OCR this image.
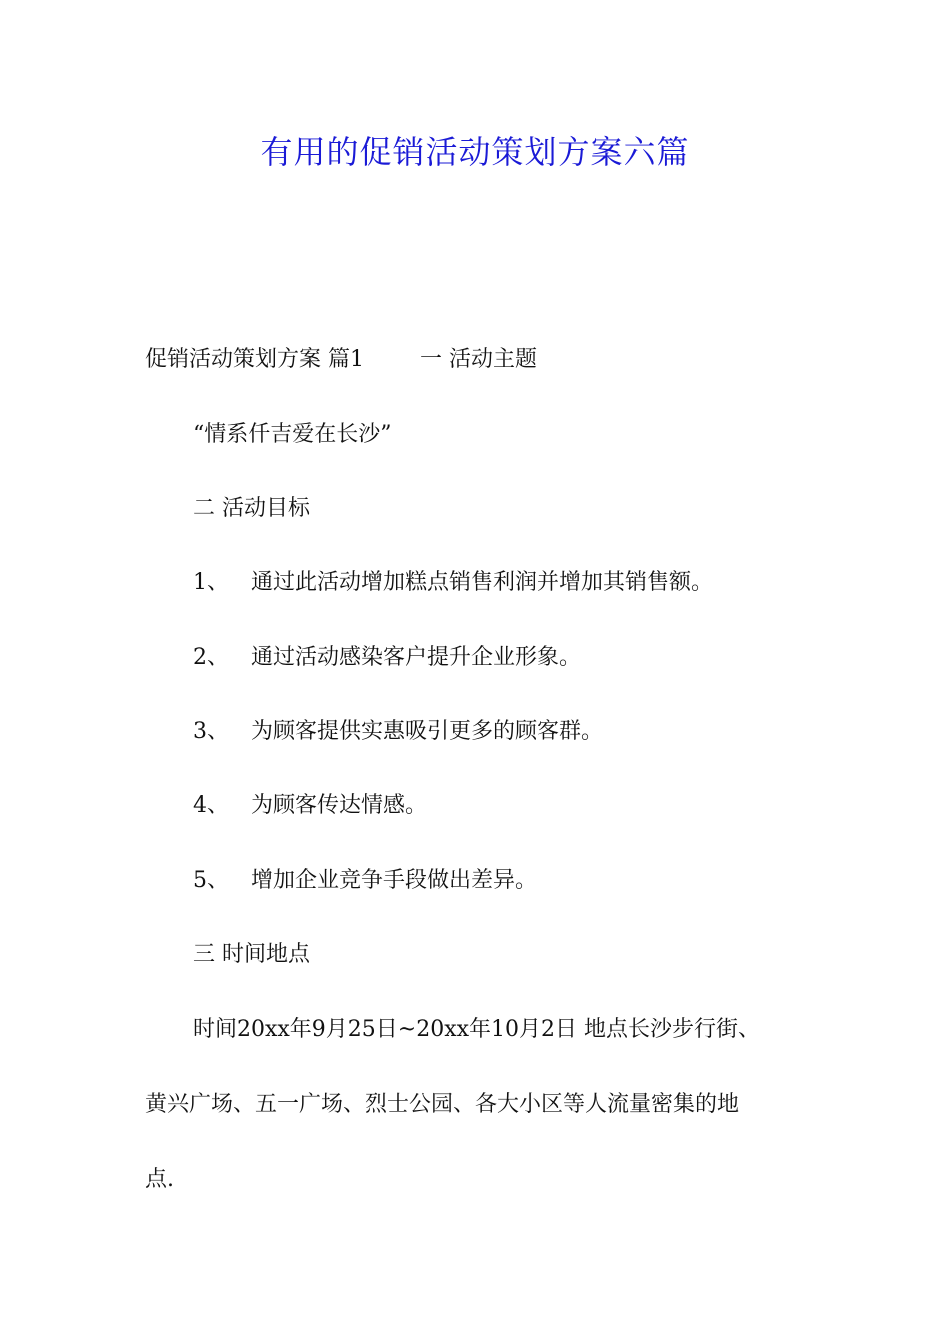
有用的促销活动策划方案六篇
促销活动策划方案 篇1	一 活动主题
“情系仟吉爱在长沙”
二 活动目标
1、 通过此活动增加糕点销售利润并增加其销售额。
2、 通过活动感染客户提升企业形象。
3、 为顾客提供实惠吸引更多的顾客群。
4、 为顾客传达情感。
5、 增加企业竞争手段做出差异。
三 时间地点
时间20xx年9月25日~20xx年10月2日 地点长沙步行街、
黄兴广场、五一广场、烈士公园、各大小区等人流量密集的地
点.
